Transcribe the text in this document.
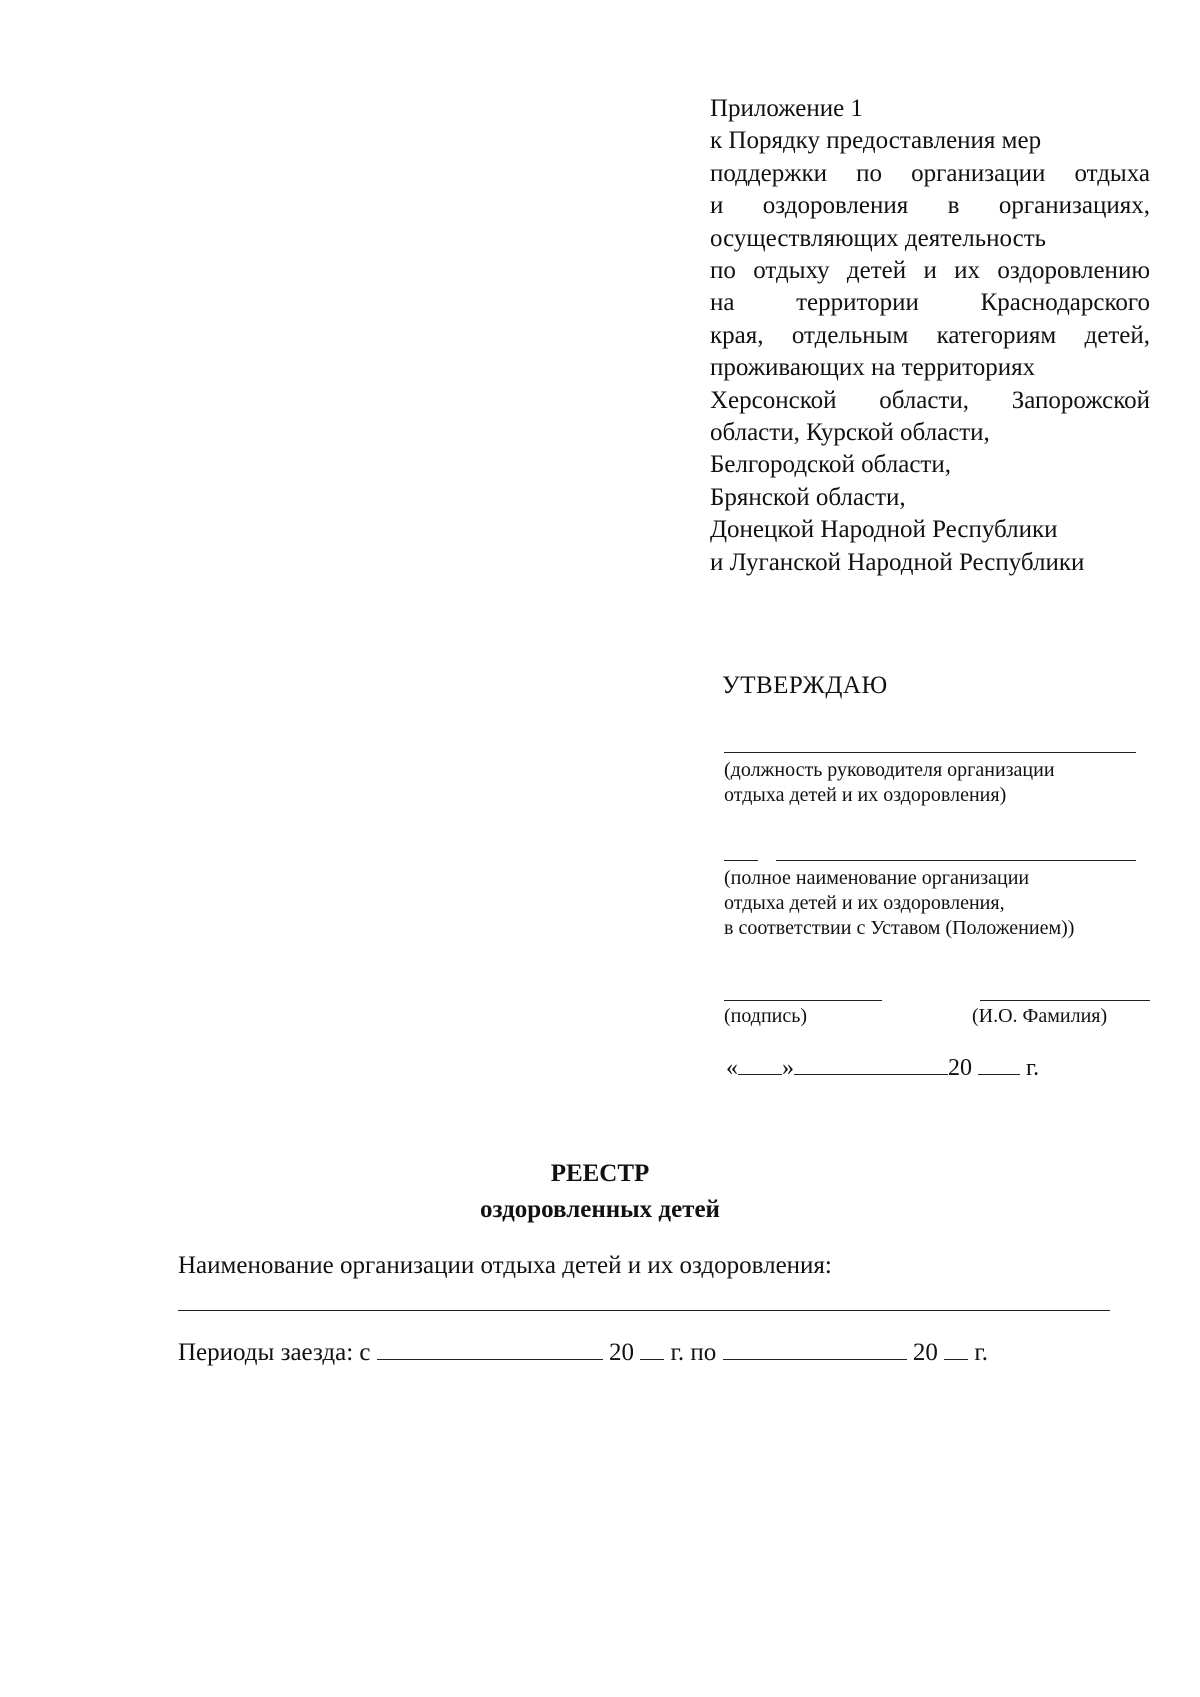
Приложение 1
к Порядку предоставления мер
поддержки по организации отдыха
и оздоровления в организациях,
осуществляющих деятельность
по отдыху детей и их оздоровлению
на территории Краснодарского
края, отдельным категориям детей,
проживающих на территориях
Херсонской области, Запорожской
области, Курской области,
Белгородской области,
Брянской области,
Донецкой Народной Республики
и Луганской Народной Республики
УТВЕРЖДАЮ
(должность руководителя организации
отдыха детей и их оздоровления)
(полное наименование организации
отдыха детей и их оздоровления,
в соответствии с Уставом (Положением))
(подпись)	(И.О. Фамилия)
« »	20 г.
РЕЕСТР
оздоровленных детей
Наименование организации отдыха детей и их оздоровления:
Периоды заезда: с	20 г. по	20 г.
